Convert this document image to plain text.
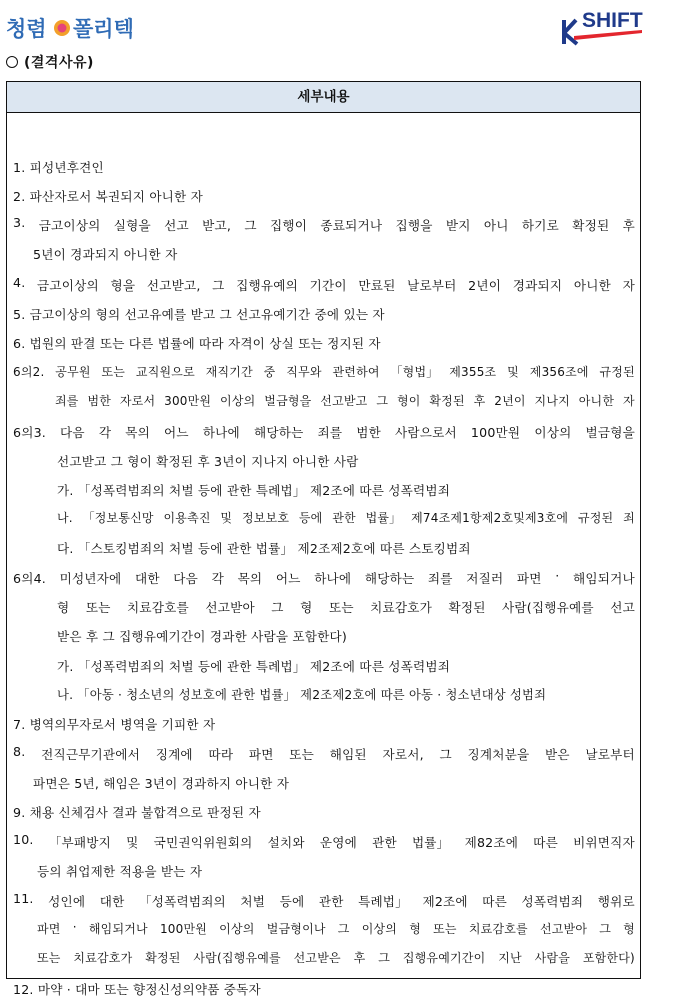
청렴 폴리텍	SHIFT
(결격사유)
세부내용
1. 피성년후견인
2. 파산자로서 복권되지 아니한 자
3. 금고이상의 실형을 선고 받고, 그 집행이 종료되거나 집행을 받지 아니 하기로 확정된 후
5년이 경과되지 아니한 자
4. 금고이상의 형을 선고받고, 그 집행유예의 기간이 만료된 날로부터 2년이 경과되지 아니한 자
5. 금고이상의 형의 선고유예를 받고 그 선고유예기간 중에 있는 자
6. 법원의 판결 또는 다른 법률에 따라 자격이 상실 또는 정지된 자
6의2. 공무원 또는 교직원으로 재직기간 중 직무와 관련하여 「형법」 제355조 및 제356조에 규정된
죄를 범한 자로서 300만원 이상의 벌금형을 선고받고 그 형이 확정된 후 2년이 지나지 아니한 자
6의3. 다음 각 목의 어느 하나에 해당하는 죄를 범한 사람으로서 100만원 이상의 벌금형을
선고받고 그 형이 확정된 후 3년이 지나지 아니한 사람
가. 「성폭력범죄의 처벌 등에 관한 특례법」 제2조에 따른 성폭력범죄
나. 「정보통신망 이용촉진 및 정보보호 등에 관한 법률」 제74조제1항제2호및제3호에 규정된 죄
다. 「스토킹범죄의 처벌 등에 관한 법률」 제2조제2호에 따른 스토킹범죄
6의4. 미성년자에 대한 다음 각 목의 어느 하나에 해당하는 죄를 저질러 파면 · 해임되거나
형 또는 치료감호를 선고받아 그 형 또는 치료감호가 확정된 사람(집행유예를 선고
받은 후 그 집행유예기간이 경과한 사람을 포함한다)
가. 「성폭력범죄의 처벌 등에 관한 특례법」 제2조에 따른 성폭력범죄
나. 「아동 · 청소년의 성보호에 관한 법률」 제2조제2호에 따른 아동 · 청소년대상 성범죄
7. 병역의무자로서 병역을 기피한 자
8. 전직근무기관에서 징계에 따라 파면 또는 해임된 자로서, 그 징계처분을 받은 날로부터
파면은 5년, 해임은 3년이 경과하지 아니한 자
9. 채용 신체검사 결과 불합격으로 판정된 자
10. 「부패방지 및 국민권익위원회의 설치와 운영에 관한 법률」 제82조에 따른 비위면직자
등의 취업제한 적용을 받는 자
11. 성인에 대한 「성폭력범죄의 처벌 등에 관한 특례법」 제2조에 따른 성폭력범죄 행위로
파면 · 해임되거나 100만원 이상의 벌금형이나 그 이상의 형 또는 치료감호를 선고받아 그 형
또는 치료감호가 확정된 사람(집행유예를 선고받은 후 그 집행유예기간이 지난 사람을 포함한다)
12. 마약 · 대마 또는 향정신성의약품 중독자
